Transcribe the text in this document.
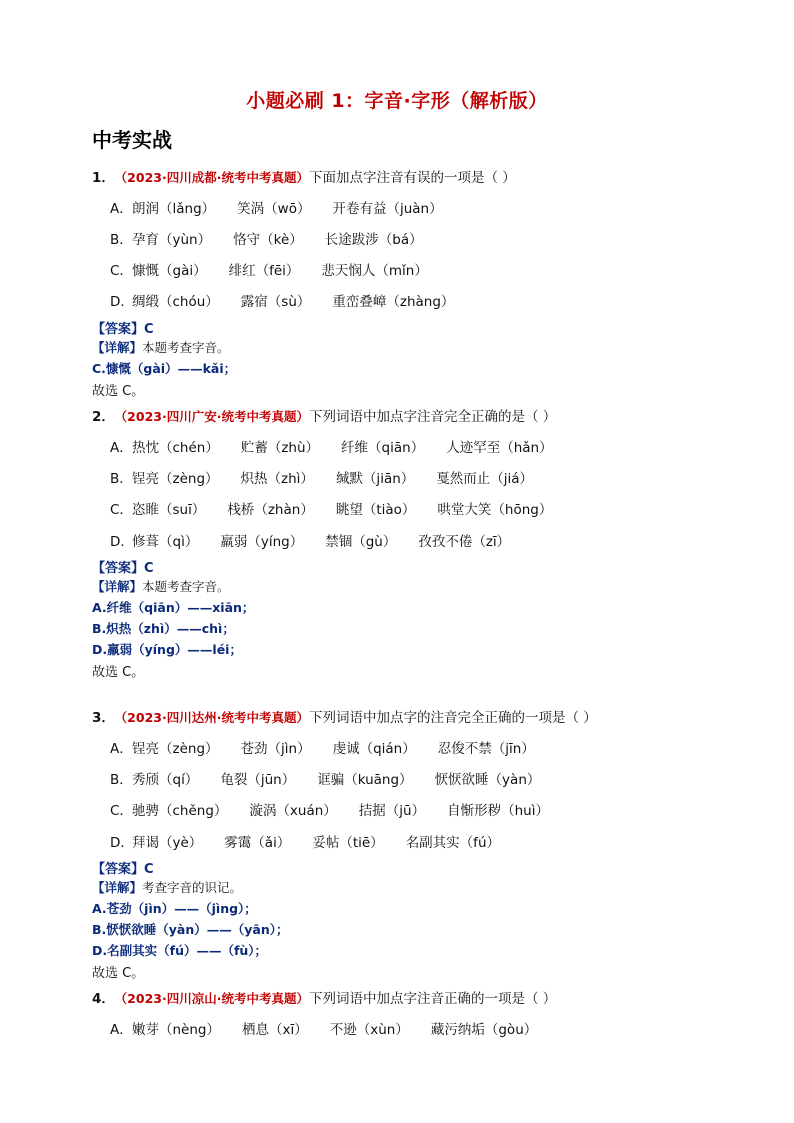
小题必刷 1：字音·字形（解析版）
中考实战
1． （2023·四川成都·统考中考真题）下面加点字注音有误的一项是（ ）
A．朗润（lǎng） 笑涡（wō） 开卷有益（juàn）
B．孕育（yùn） 恪守（kè） 长途跋涉（bá）
C．慷慨（gài） 绯红（fēi） 悲天悯人（mǐn）
D．绸缎（chóu） 露宿（sù） 重峦叠嶂（zhàng）
【答案】C
【详解】本题考查字音。
C.慷慨（gài）——kǎi；
故选 C。
2． （2023·四川广安·统考中考真题）下列词语中加点字注音完全正确的是（ ）
A．热忱（chén） 贮蓄（zhù） 纤维（qiān） 人迹罕至（hǎn）
B．锃亮（zèng） 炽热（zhì） 缄默（jiān） 戛然而止（jiá）
C．恣睢（suī） 栈桥（zhàn） 眺望（tiào） 哄堂大笑（hōng）
D．修葺（qì） 羸弱（yíng） 禁锢（gù） 孜孜不倦（zī）
【答案】C
【详解】本题考查字音。
A.纤维（qiān）——xiān；
B.炽热（zhì）——chì；
D.羸弱（yíng）——léi；
故选 C。
3． （2023·四川达州·统考中考真题）下列词语中加点字的注音完全正确的一项是（ ）
A．锃亮（zèng） 苍劲（jìn） 虔诚（qián） 忍俊不禁（jīn）
B．秀颀（qí） 龟裂（jūn） 诓骗（kuāng） 恹恹欲睡（yàn）
C．驰骋（chěng） 漩涡（xuán） 拮据（jū） 自惭形秽（huì）
D．拜谒（yè） 雾霭（ǎi） 妥帖（tiē） 名副其实（fú）
【答案】C
【详解】考查字音的识记。
A.苍劲（jìn）——（jìng）；
B.恹恹欲睡（yàn）——（yān）；
D.名副其实（fú）——（fù）；
故选 C。
4． （2023·四川凉山·统考中考真题）下列词语中加点字注音正确的一项是（ ）
A．嫩芽（nèng） 栖息（xī） 不逊（xùn） 藏污纳垢（gòu）
